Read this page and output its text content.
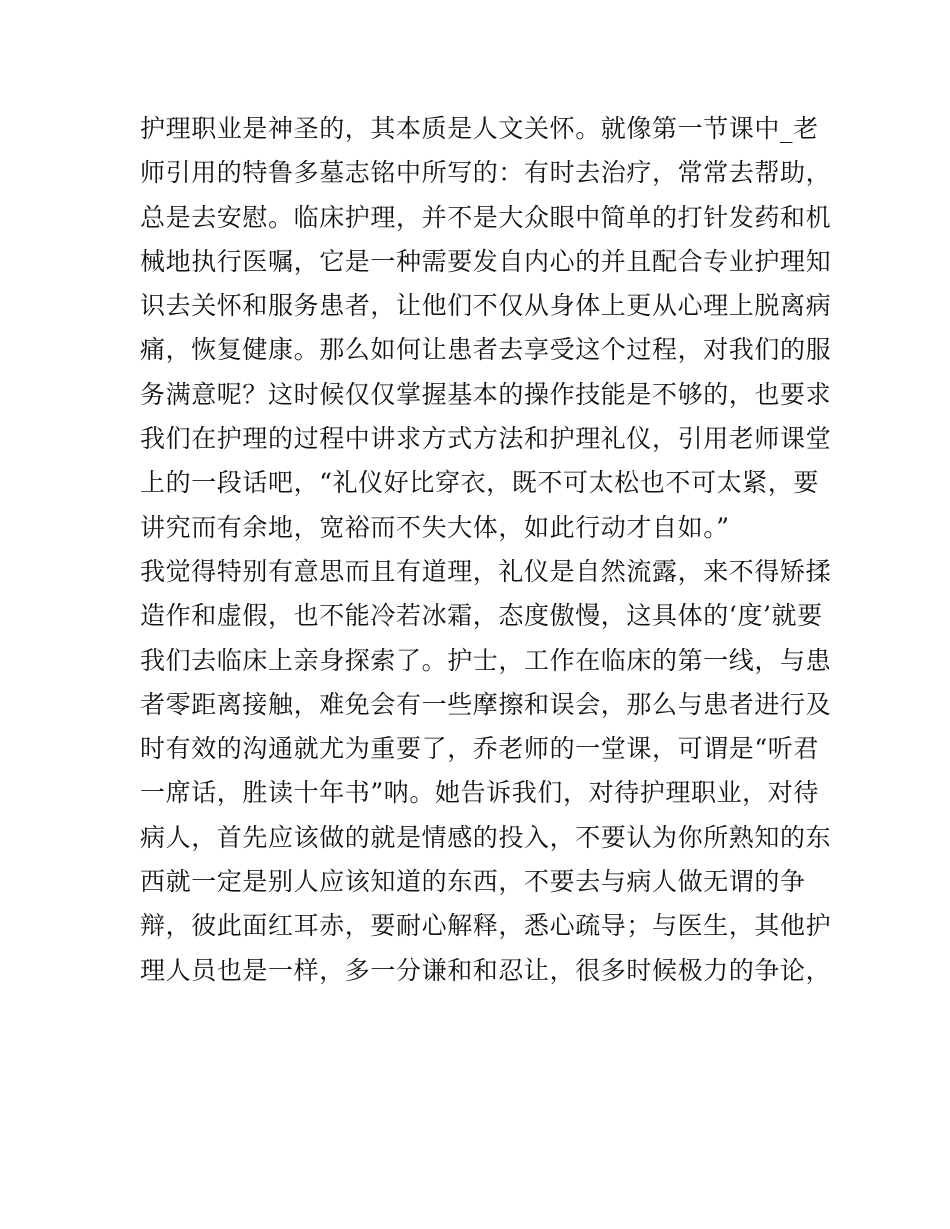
护理职业是神圣的，其本质是人文关怀。就像第一节课中_老
师引用的特鲁多墓志铭中所写的：有时去治疗，常常去帮助，
总是去安慰。临床护理，并不是大众眼中简单的打针发药和机
械地执行医嘱，它是一种需要发自内心的并且配合专业护理知
识去关怀和服务患者，让他们不仅从身体上更从心理上脱离病
痛，恢复健康。那么如何让患者去享受这个过程，对我们的服
务满意呢？这时候仅仅掌握基本的操作技能是不够的，也要求
我们在护理的过程中讲求方式方法和护理礼仪，引用老师课堂
上的一段话吧，“礼仪好比穿衣，既不可太松也不可太紧，要
讲究而有余地，宽裕而不失大体，如此行动才自如。”
我觉得特别有意思而且有道理，礼仪是自然流露，来不得矫揉
造作和虚假，也不能冷若冰霜，态度傲慢，这具体的‘度’就要
我们去临床上亲身探索了。护士，工作在临床的第一线，与患
者零距离接触，难免会有一些摩擦和误会，那么与患者进行及
时有效的沟通就尤为重要了，乔老师的一堂课，可谓是“听君
一席话，胜读十年书”呐。她告诉我们，对待护理职业，对待
病人，首先应该做的就是情感的投入，不要认为你所熟知的东
西就一定是别人应该知道的东西，不要去与病人做无谓的争
辩，彼此面红耳赤，要耐心解释，悉心疏导；与医生，其他护
理人员也是一样，多一分谦和和忍让，很多时候极力的争论，
